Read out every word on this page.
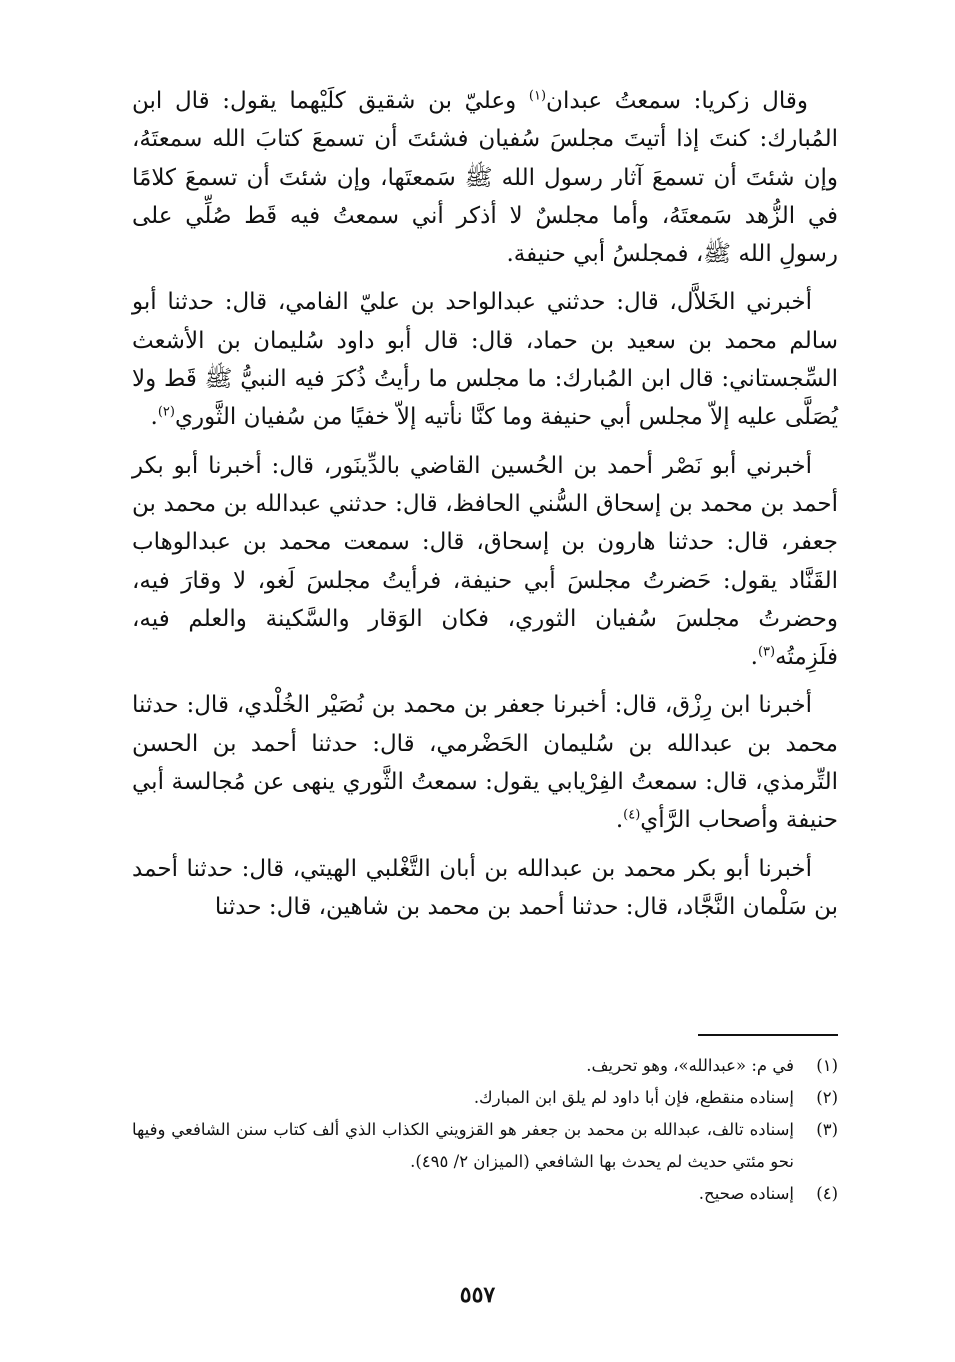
وقال زكريا: سمعتُ عبدان$^{(١)}$ وعليّ بن شقيق كلَيْهما يقول: قال ابن المُبارك: كنتَ إذا أتيتَ مجلسَ سُفيان فشئتَ أن تسمعَ كتابَ الله سمعتَهُ، وإن شئتَ أن تسمعَ آثار رسول الله ﷺ سَمعتَها، وإن شئتَ أن تسمعَ كلامًا في الزُّهد سَمعتَهُ، وأما مجلسٌ لا أذكر أني سمعتُ فيه قَط صُلِّي على رسولِ الله ﷺ، فمجلسُ أبي حنيفة.

أخبرني الخَلاَّل، قال: حدثني عبدالواحد بن عليّ الفامي، قال: حدثنا أبو سالم محمد بن سعيد بن حماد، قال: قال أبو داود سُليمان بن الأشعث السِّجستاني: قال ابن المُبارك: ما مجلس ما رأيتُ ذُكرَ فيه النبيُّ ﷺ قَط ولا يُصَلَّى عليه إلاّ مجلس أبي حنيفة وما كنَّا نأتيه إلاّ خفيًا من سُفيان الثَّوري$^{(٢)}$.

أخبرني أبو نَصْر أحمد بن الحُسين القاضي بالدِّينَور، قال: أخبرنا أبو بكر أحمد بن محمد بن إسحاق السُّني الحافظ، قال: حدثني عبدالله بن محمد بن جعفر، قال: حدثنا هارون بن إسحاق، قال: سمعت محمد بن عبدالوهاب القَنَّاد يقول: حَضرتُ مجلسَ أبي حنيفة، فرأيتُ مجلسَ لَغو، لا وقارَ فيه، وحضرتُ مجلسَ سُفيان الثوري، فكان الوَقار والسَّكينة والعلم فيه، فلَزِمتُه$^{(٣)}$.

أخبرنا ابن رِزْق، قال: أخبرنا جعفر بن محمد بن نُصَيْر الخُلْدي، قال: حدثنا محمد بن عبدالله بن سُليمان الحَضْرمي، قال: حدثنا أحمد بن الحسن التِّرمذي، قال: سمعتُ الفِرْيابي يقول: سمعتُ الثَّوري ينهى عن مُجالسة أبي حنيفة وأصحاب الرَّأي$^{(٤)}$.

أخبرنا أبو بكر محمد بن عبدالله بن أبان التَّغْلبي الهيتي، قال: حدثنا أحمد بن سَلْمان النَّجَّاد، قال: حدثنا أحمد بن محمد بن شاهين، قال: حدثنا

(١)
في م: «عبدالله»، وهو تحريف.
(٢)
إسناده منقطع، فإن أبا داود لم يلق ابن المبارك.
(٣)
إسناده تالف، عبدالله بن محمد بن جعفر هو القزويني الكذاب الذي ألف كتاب سنن الشافعي وفيها نحو مئتي حديث لم يحدث بها الشافعي (الميزان ٢/ ٤٩٥).
(٤)
إسناده صحيح.
٥٥٧
